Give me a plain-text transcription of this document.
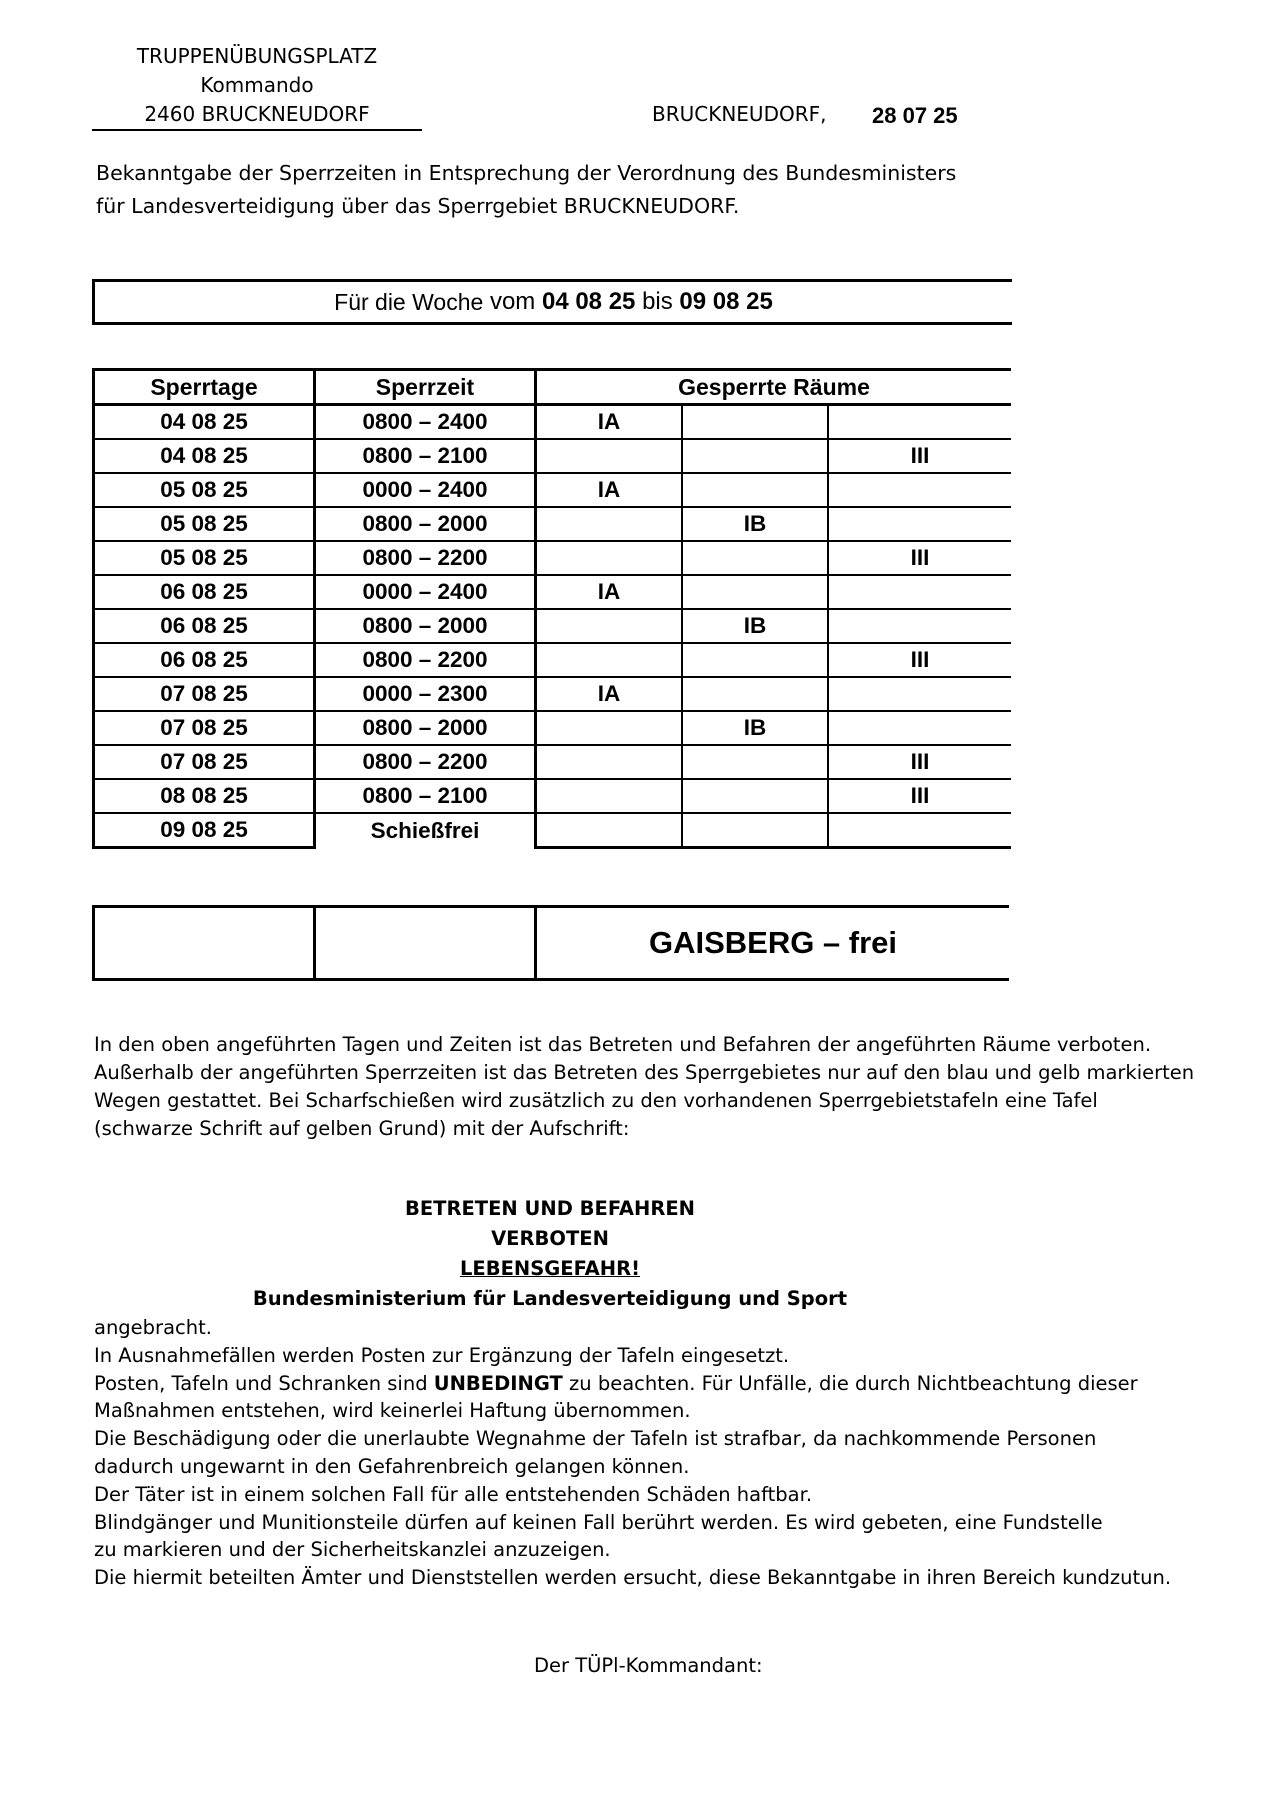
TRUPPENÜBUNGSPLATZ
Kommando
2460 BRUCKNEUDORF	BRUCKNEUDORF, 28 07 25
Bekanntgabe der Sperrzeiten in Entsprechung der Verordnung des Bundesministers
für Landesverteidigung über das Sperrgebiet BRUCKNEUDORF.
Für die Woche
vom
04 08 25
bis
09 08 25
Sperrtage	Sperrzeit	Gesperrte Räume		
04 08 25	0800 – 2400	IA		
04 08 25	0800 – 2100			III
05 08 25	0000 – 2400	IA		
05 08 25	0800 – 2000		IB	
05 08 25	0800 – 2200			III
06 08 25	0000 – 2400	IA		
06 08 25	0800 – 2000		IB	
06 08 25	0800 – 2200			III
07 08 25	0000 – 2300	IA		
07 08 25	0800 – 2000		IB	
07 08 25	0800 – 2200			III
08 08 25	0800 – 2100			III
09 08 25	Schießfrei			
GAISBERG – frei
In den oben angeführten Tagen und Zeiten ist das Betreten und Befahren der angeführten Räume verboten.
Außerhalb der angeführten Sperrzeiten ist das Betreten des Sperrgebietes nur auf den blau und gelb markierten
Wegen gestattet. Bei Scharfschießen wird zusätzlich zu den vorhandenen Sperrgebietstafeln eine Tafel
(schwarze Schrift auf gelben Grund) mit der Aufschrift:
BETRETEN UND BEFAHREN
VERBOTEN
LEBENSGEFAHR!
Bundesministerium für Landesverteidigung und Sport
angebracht.
In Ausnahmefällen werden Posten zur Ergänzung der Tafeln eingesetzt.
Posten, Tafeln und Schranken sind UNBEDINGT zu beachten. Für Unfälle, die durch Nichtbeachtung dieser
Maßnahmen entstehen, wird keinerlei Haftung übernommen.
Die Beschädigung oder die unerlaubte Wegnahme der Tafeln ist strafbar, da nachkommende Personen
dadurch ungewarnt in den Gefahrenbreich gelangen können.
Der Täter ist in einem solchen Fall für alle entstehenden Schäden haftbar.
Blindgänger und Munitionsteile dürfen auf keinen Fall berührt werden. Es wird gebeten, eine Fundstelle
zu markieren und der Sicherheitskanzlei anzuzeigen.
Die hiermit beteilten Ämter und Dienststellen werden ersucht, diese Bekanntgabe in ihren Bereich kundzutun.
Der TÜPl-Kommandant:
